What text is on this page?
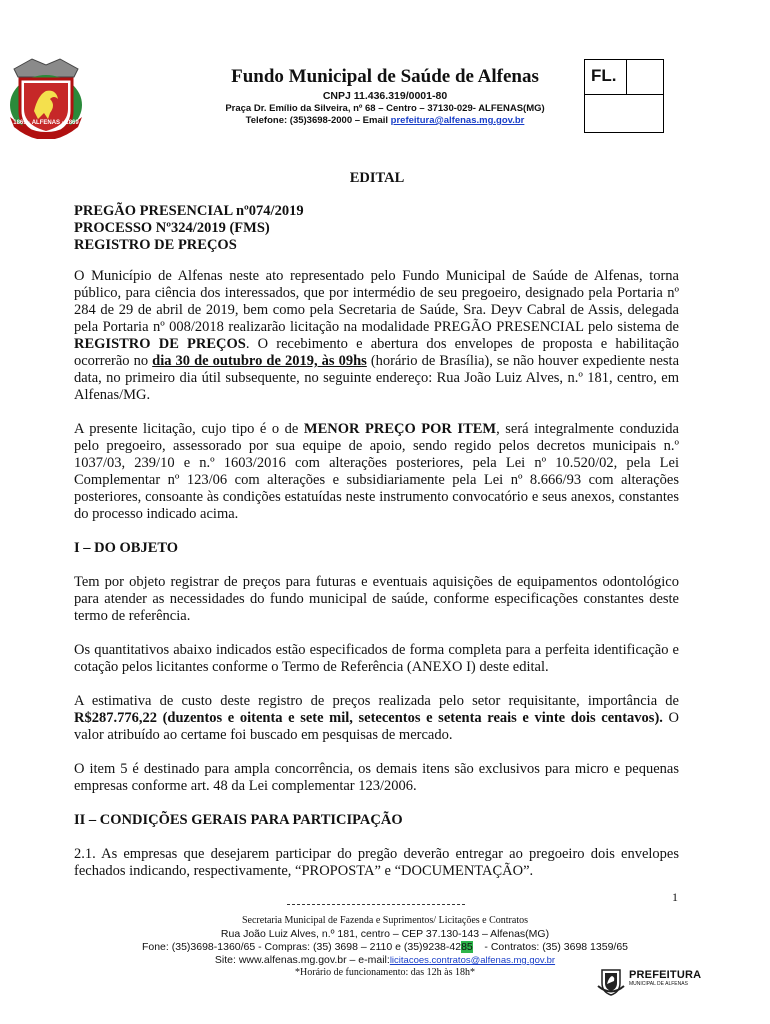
1869 · ALFENAS · 1869
Fundo Municipal de Saúde de Alfenas
CNPJ 11.436.319/0001-80
Praça Dr. Emílio da Silveira, nº 68 – Centro – 37130-029- ALFENAS(MG)
Telefone: (35)3698-2000 – Email prefeitura@alfenas.mg.gov.br
FL.
EDITAL
PREGÃO PRESENCIAL nº074/2019
PROCESSO Nº324/2019 (FMS)
REGISTRO DE PREÇOS

O Município de Alfenas neste ato representado pelo Fundo Municipal de Saúde de Alfenas, torna público, para ciência dos interessados, que por intermédio de seu pregoeiro, designado pela Portaria nº 284 de 29 de abril de 2019, bem como pela Secretaria de Saúde, Sra. Deyv Cabral de Assis, delegada pela Portaria nº 008/2018 realizarão licitação na modalidade PREGÃO PRESENCIAL pelo sistema de REGISTRO DE PREÇOS. O recebimento e abertura dos envelopes de proposta e habilitação ocorrerão no dia 30 de outubro de 2019, às 09hs (horário de Brasília), se não houver expediente nesta data, no primeiro dia útil subsequente, no seguinte endereço: Rua João Luiz Alves, n.º 181, centro, em Alfenas/MG.

A presente licitação, cujo tipo é o de MENOR PREÇO POR ITEM, será integralmente conduzida pelo pregoeiro, assessorado por sua equipe de apoio, sendo regido pelos decretos municipais n.º 1037/03, 239/10 e n.º 1603/2016 com alterações posteriores, pela Lei nº 10.520/02, pela Lei Complementar nº 123/06 com alterações e subsidiariamente pela Lei nº 8.666/93 com alterações posteriores, consoante às condições estatuídas neste instrumento convocatório e seus anexos, constantes do processo indicado acima.

I – DO OBJETO

Tem por objeto registrar de preços para futuras e eventuais aquisições de equipamentos odontológico para atender as necessidades do fundo municipal de saúde, conforme especificações constantes deste termo de referência.

Os quantitativos abaixo indicados estão especificados de forma completa para a perfeita identificação e cotação pelos licitantes conforme o Termo de Referência (ANEXO I) deste edital.

A estimativa de custo deste registro de preços realizada pelo setor requisitante, importância de R$287.776,22 (duzentos e oitenta e sete mil, setecentos e setenta reais e vinte dois centavos). O valor atribuído ao certame foi buscado em pesquisas de mercado.

O item 5 é destinado para ampla concorrência, os demais itens são exclusivos para micro e pequenas empresas conforme art. 48 da Lei complementar 123/2006.

II – CONDIÇÕES GERAIS PARA PARTICIPAÇÃO

2.1. As empresas que desejarem participar do pregão deverão entregar ao pregoeiro dois envelopes fechados indicando, respectivamente, “PROPOSTA” e “DOCUMENTAÇÃO”.

1
Secretaria Municipal de Fazenda e Suprimentos/ Licitações e Contratos
Rua João Luiz Alves, n.º 181, centro – CEP 37.130-143 – Alfenas(MG)
Fone: (35)3698-1360/65 - Compras: (35) 3698 – 2110 e (35)9238-4285    - Contratos: (35) 3698 1359/65
Site: www.alfenas.mg.gov.br – e-mail:licitacoes.contratos@alfenas.mg.gov.br
*Horário de funcionamento: das 12h às 18h*	PREFEITURA
MUNICIPAL DE ALFENAS
